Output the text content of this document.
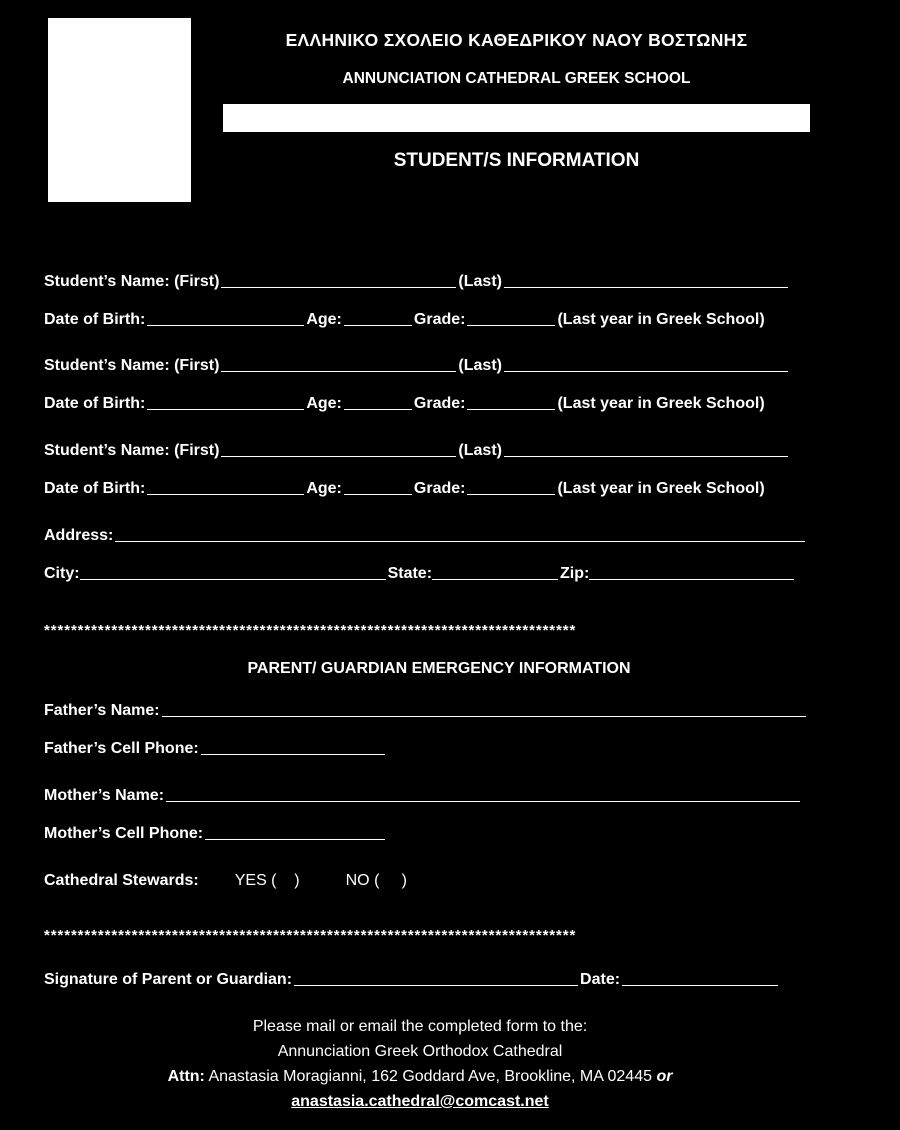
ΕΛΛΗΝΙΚΟ ΣΧΟΛΕΙΟ ΚΑΘΕΔΡΙΚΟΥ ΝΑΟΥ ΒΟΣΤΩΝΗΣ
ANNUNCIATION CATHEDRAL GREEK SCHOOL
STUDENT/S INFORMATION
Student’s Name: (First)	(Last)
Date of Birth:	Age:	Grade:	(Last year in Greek School)
Student’s Name: (First)	(Last)
Date of Birth:	Age:	Grade:	(Last year in Greek School)
Student’s Name: (First)	(Last)
Date of Birth:	Age:	Grade:	(Last year in Greek School)
Address:
City:	State:	Zip:
*******************************************************************************
PARENT/ GUARDIAN EMERGENCY INFORMATION
Father’s Name:
Father’s Cell Phone:
Mother’s Name:
Mother’s Cell Phone:
Cathedral Stewards: YES (    )	NO (     )
*******************************************************************************
Signature of Parent or Guardian:	Date:
Please mail or email the completed form to the:
Annunciation Greek Orthodox Cathedral
Attn: Anastasia Moragianni, 162 Goddard Ave, Brookline, MA 02445 or
anastasia.cathedral@comcast.net
